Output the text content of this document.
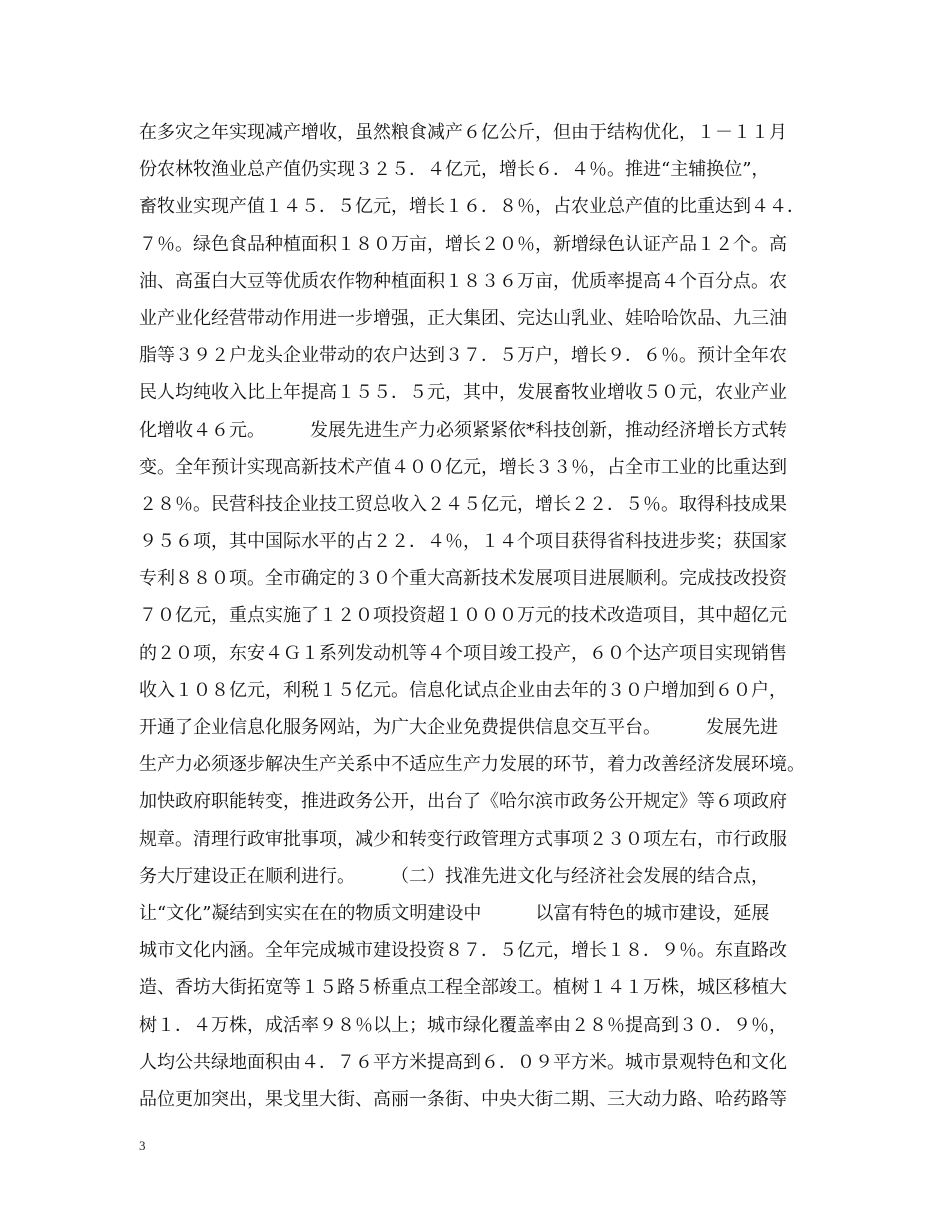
在多灾之年实现减产增收，虽然粮食减产６亿公斤，但由于结构优化，１－１１月
份农林牧渔业总产值仍实现３２５．４亿元，增长６．４％。推进“主辅换位”，
畜牧业实现产值１４５．５亿元，增长１６．８％，占农业总产值的比重达到４４．
７％。绿色食品种植面积１８０万亩，增长２０％，新增绿色认证产品１２个。高
油、高蛋白大豆等优质农作物种植面积１８３６万亩，优质率提高４个百分点。农
业产业化经营带动作用进一步增强，正大集团、完达山乳业、娃哈哈饮品、九三油
脂等３９２户龙头企业带动的农户达到３７．５万户，增长９．６％。预计全年农
民人均纯收入比上年提高１５５．５元，其中，发展畜牧业增收５０元，农业产业
化增收４６元。　　　发展先进生产力必须紧紧依*科技创新，推动经济增长方式转
变。全年预计实现高新技术产值４００亿元，增长３３％，占全市工业的比重达到
２８％。民营科技企业技工贸总收入２４５亿元，增长２２．５％。取得科技成果
９５６项，其中国际水平的占２２．４％，１４个项目获得省科技进步奖；获国家
专利８８０项。全市确定的３０个重大高新技术发展项目进展顺利。完成技改投资
７０亿元，重点实施了１２０项投资超１０００万元的技术改造项目，其中超亿元
的２０项，东安４Ｇ１系列发动机等４个项目竣工投产，６０个达产项目实现销售
收入１０８亿元，利税１５亿元。信息化试点企业由去年的３０户增加到６０户，
开通了企业信息化服务网站，为广大企业免费提供信息交互平台。　　　发展先进
生产力必须逐步解决生产关系中不适应生产力发展的环节，着力改善经济发展环境。
加快政府职能转变，推进政务公开，出台了《哈尔滨市政务公开规定》等６项政府
规章。清理行政审批事项，减少和转变行政管理方式事项２３０项左右，市行政服
务大厅建设正在顺利进行。　　　（二）找准先进文化与经济社会发展的结合点，
让“文化”凝结到实实在在的物质文明建设中　　　以富有特色的城市建设，延展
城市文化内涵。全年完成城市建设投资８７．５亿元，增长１８．９％。东直路改
造、香坊大街拓宽等１５路５桥重点工程全部竣工。植树１４１万株，城区移植大
树１．４万株，成活率９８％以上；城市绿化覆盖率由２８％提高到３０．９％，
人均公共绿地面积由４．７６平方米提高到６．０９平方米。城市景观特色和文化
品位更加突出，果戈里大街、高丽一条街、中央大街二期、三大动力路、哈药路等
3
